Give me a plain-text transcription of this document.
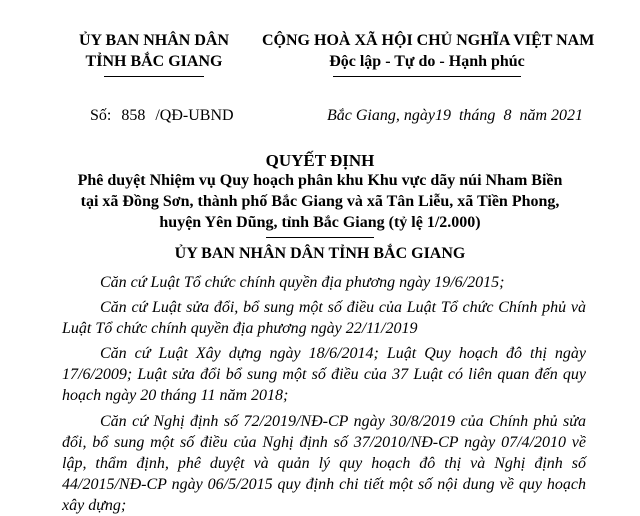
ỦY BAN NHÂN DÂN
TỈNH BẮC GIANG
CỘNG HOÀ XÃ HỘI CHỦ NGHĨA VIỆT NAM
Độc lập - Tự do - Hạnh phúc
Số: 858 /QĐ-UBND	Bắc Giang, ngày19 tháng 8 năm 2021
QUYẾT ĐỊNH
Phê duyệt Nhiệm vụ Quy hoạch phân khu Khu vực dãy núi Nham Biền
tại xã Đồng Sơn, thành phố Bắc Giang và xã Tân Liễu, xã Tiền Phong,
huyện Yên Dũng, tỉnh Bắc Giang (tỷ lệ 1/2.000)
ỦY BAN NHÂN DÂN TỈNH BẮC GIANG
Căn cứ Luật Tổ chức chính quyền địa phương ngày 19/6/2015;
Căn cứ Luật sửa đổi, bổ sung một số điều của Luật Tổ chức Chính phủ và Luật Tổ chức chính quyền địa phương ngày 22/11/2019
Căn cứ Luật Xây dựng ngày 18/6/2014; Luật Quy hoạch đô thị ngày 17/6/2009; Luật sửa đổi bổ sung một số điều của 37 Luật có liên quan đến quy hoạch ngày 20 tháng 11 năm 2018;
Căn cứ Nghị định số 72/2019/NĐ-CP ngày 30/8/2019 của Chính phủ sửa đổi, bổ sung một số điều của Nghị định số 37/2010/NĐ-CP ngày 07/4/2010 về lập, thẩm định, phê duyệt và quản lý quy hoạch đô thị và Nghị định số 44/2015/NĐ-CP ngày 06/5/2015 quy định chi tiết một số nội dung về quy hoạch xây dựng;
